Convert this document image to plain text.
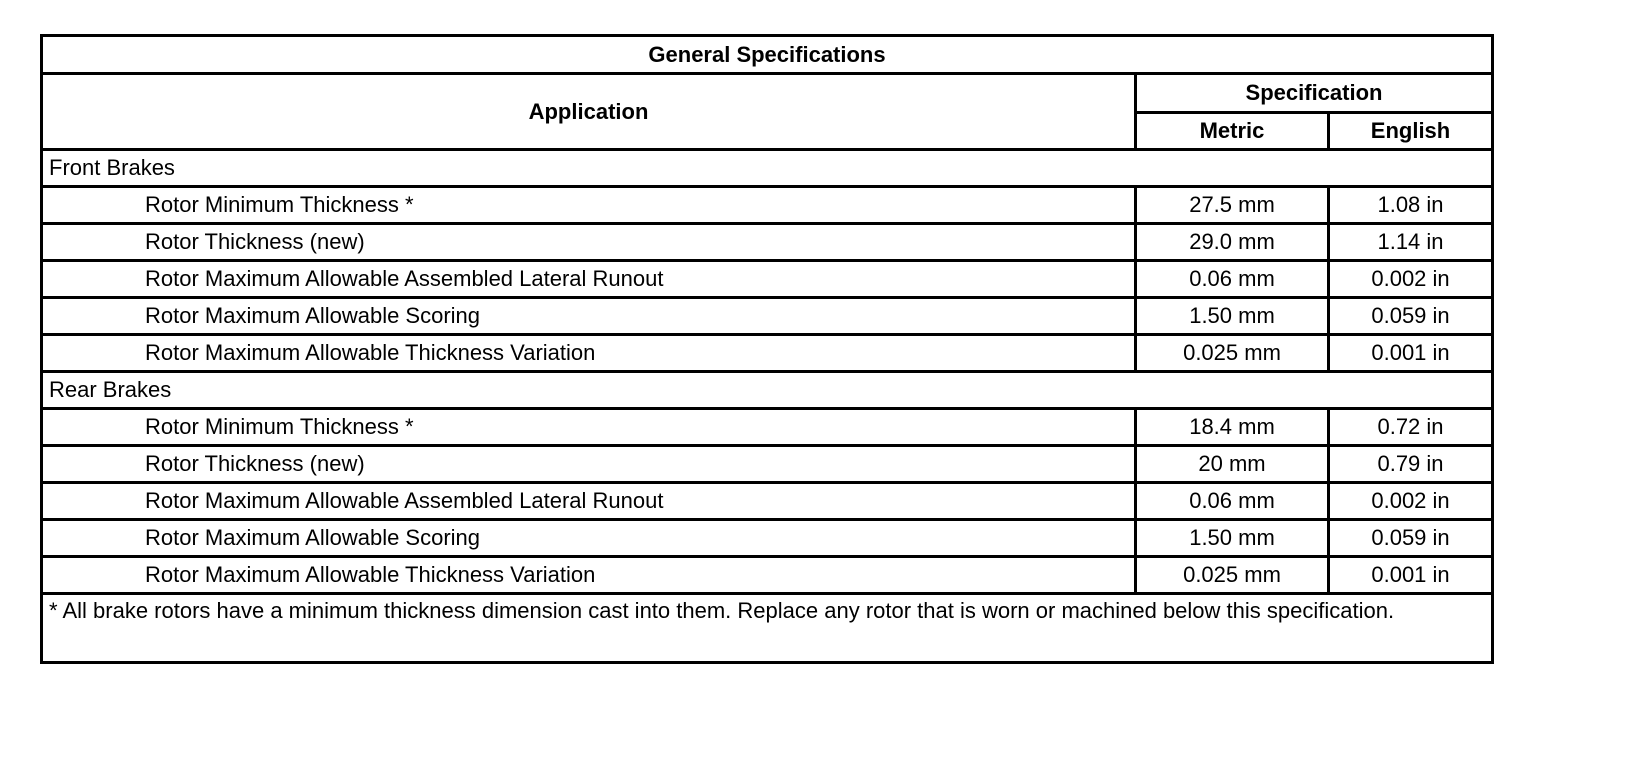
General Specifications		
Application	Specification	
	Metric	English
Front Brakes		
Rotor Minimum Thickness *	27.5 mm	1.08 in
Rotor Thickness (new)	29.0 mm	1.14 in
Rotor Maximum Allowable Assembled Lateral Runout	0.06 mm	0.002 in
Rotor Maximum Allowable Scoring	1.50 mm	0.059 in
Rotor Maximum Allowable Thickness Variation	0.025 mm	0.001 in
Rear Brakes		
Rotor Minimum Thickness *	18.4 mm	0.72 in
Rotor Thickness (new)	20 mm	0.79 in
Rotor Maximum Allowable Assembled Lateral Runout	0.06 mm	0.002 in
Rotor Maximum Allowable Scoring	1.50 mm	0.059 in
Rotor Maximum Allowable Thickness Variation	0.025 mm	0.001 in
* All brake rotors have a minimum thickness dimension cast into them. Replace any rotor that is worn or machined below this specification.		
